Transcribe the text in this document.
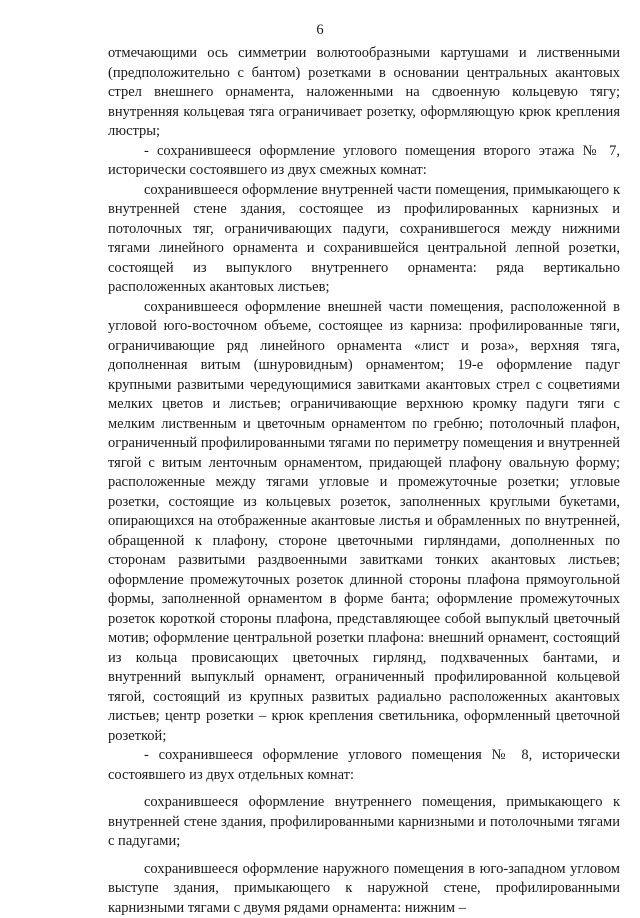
6

отмечающими ось симметрии волютообразными картушами и лиственными (предположительно с бантом) розетками в основании центральных акантовых стрел внешнего орнамента, наложенными на сдвоенную кольцевую тягу; внутренняя кольцевая тяга ограничивает розетку, оформляющую крюк крепления люстры;

- сохранившееся оформление углового помещения второго этажа № 7, исторически состоявшего из двух смежных комнат:

сохранившееся оформление внутренней части помещения, примыкающего к внутренней стене здания, состоящее из профилированных карнизных и потолочных тяг, ограничивающих падуги, сохранившегося между нижними тягами линейного орнамента и сохранившейся центральной лепной розетки, состоящей из выпуклого внутреннего орнамента: ряда вертикально расположенных акантовых листьев;

сохранившееся оформление внешней части помещения, расположенной в угловой юго-восточном объеме, состоящее из карниза: профилированные тяги, ограничивающие ряд линейного орнамента «лист и роза», верхняя тяга, дополненная витым (шнуровидным) орнаментом; 19-е оформление падуг крупными развитыми чередующимися завитками акантовых стрел с соцветиями мелких цветов и листьев; ограничивающие верхнюю кромку падуги тяги с мелким лиственным и цветочным орнаментом по гребню; потолочный плафон, ограниченный профилированными тягами по периметру помещения и внутренней тягой с витым ленточным орнаментом, придающей плафону овальную форму; расположенные между тягами угловые и промежуточные розетки; угловые розетки, состоящие из кольцевых розеток, заполненных круглыми букетами, опирающихся на отображенные акантовые листья и обрамленных по внутренней, обращенной к плафону, стороне цветочными гирляндами, дополненных по сторонам развитыми раздвоенными завитками тонких акантовых листьев; оформление промежуточных розеток длинной стороны плафона прямоугольной формы, заполненной орнаментом в форме банта; оформление промежуточных розеток короткой стороны плафона, представляющее собой выпуклый цветочный мотив; оформление центральной розетки плафона: внешний орнамент, состоящий из кольца провисающих цветочных гирлянд, подхваченных бантами, и внутренний выпуклый орнамент, ограниченный профилированной кольцевой тягой, состоящий из крупных развитых радиально расположенных акантовых листьев; центр розетки – крюк крепления светильника, оформленный цветочной розеткой;

- сохранившееся оформление углового помещения № 8, исторически состоявшего из двух отдельных комнат:

сохранившееся оформление внутреннего помещения, примыкающего к внутренней стене здания, профилированными карнизными и потолочными тягами с падугами;

сохранившееся оформление наружного помещения в юго-западном угловом выступе здания, примыкающего к наружной стене, профилированными карнизными тягами с двумя рядами орнамента: нижним –
